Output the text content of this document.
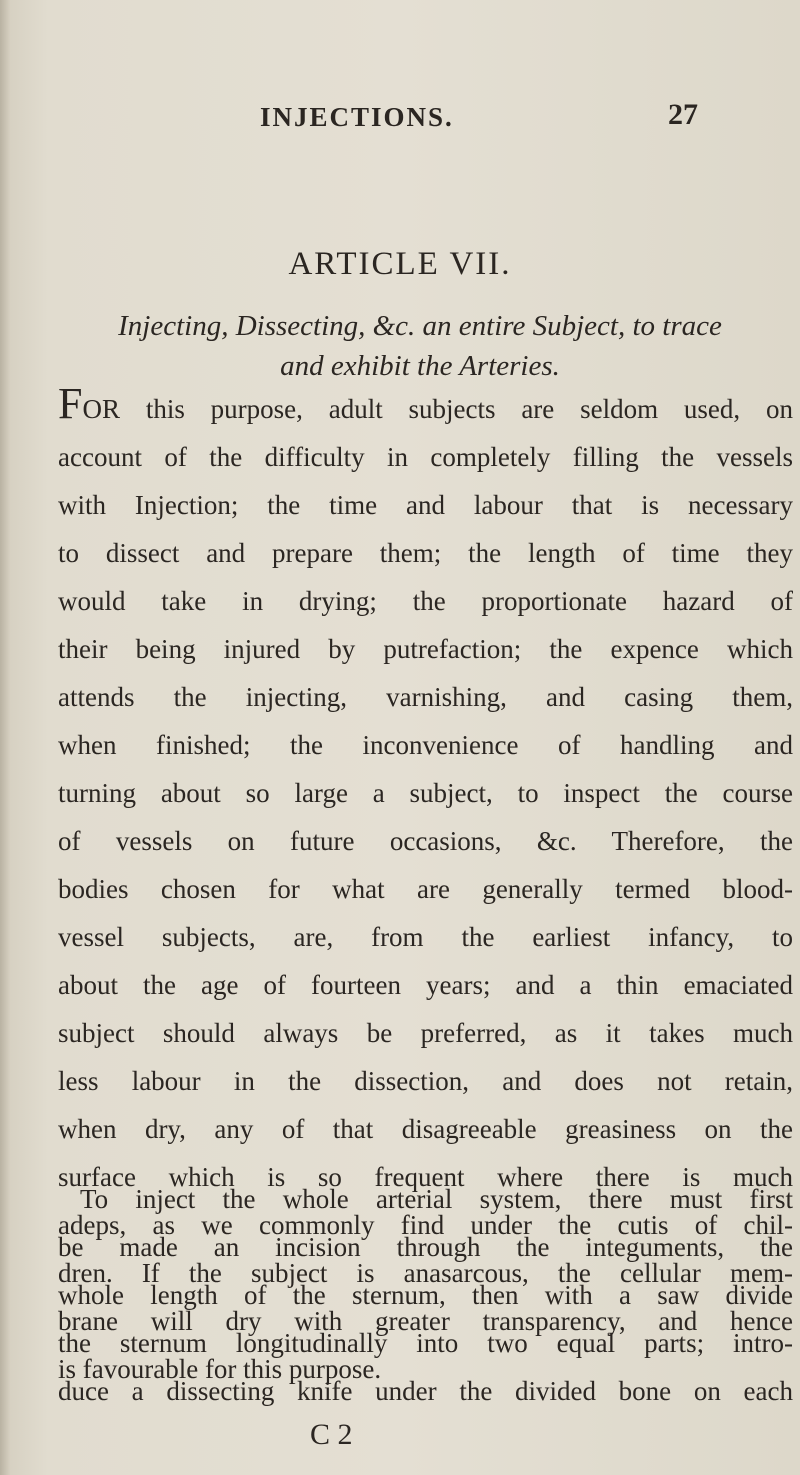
INJECTIONS.	27
ARTICLE VII.
Injecting, Dissecting, &c. an entire Subject, to trace
and exhibit the Arteries.
FOR this purpose, adult subjects are seldom used, on
account of the difficulty in completely filling the vessels
with Injection; the time and labour that is necessary
to dissect and prepare them; the length of time they
would take in drying; the proportionate hazard of
their being injured by putrefaction; the expence which
attends the injecting, varnishing, and casing them,
when finished; the inconvenience of handling and
turning about so large a subject, to inspect the course
of vessels on future occasions, &c. Therefore, the
bodies chosen for what are generally termed blood-
vessel subjects, are, from the earliest infancy, to
about the age of fourteen years; and a thin emaciated
subject should always be preferred, as it takes much
less labour in the dissection, and does not retain,
when dry, any of that disagreeable greasiness on the
surface which is so frequent where there is much
adeps, as we commonly find under the cutis of chil-
dren. If the subject is anasarcous, the cellular mem-
brane will dry with greater transparency, and hence
is favourable for this purpose.
To inject the whole arterial system, there must first
be made an incision through the integuments, the
whole length of the sternum, then with a saw divide
the sternum longitudinally into two equal parts; intro-
duce a dissecting knife under the divided bone on each
C 2
